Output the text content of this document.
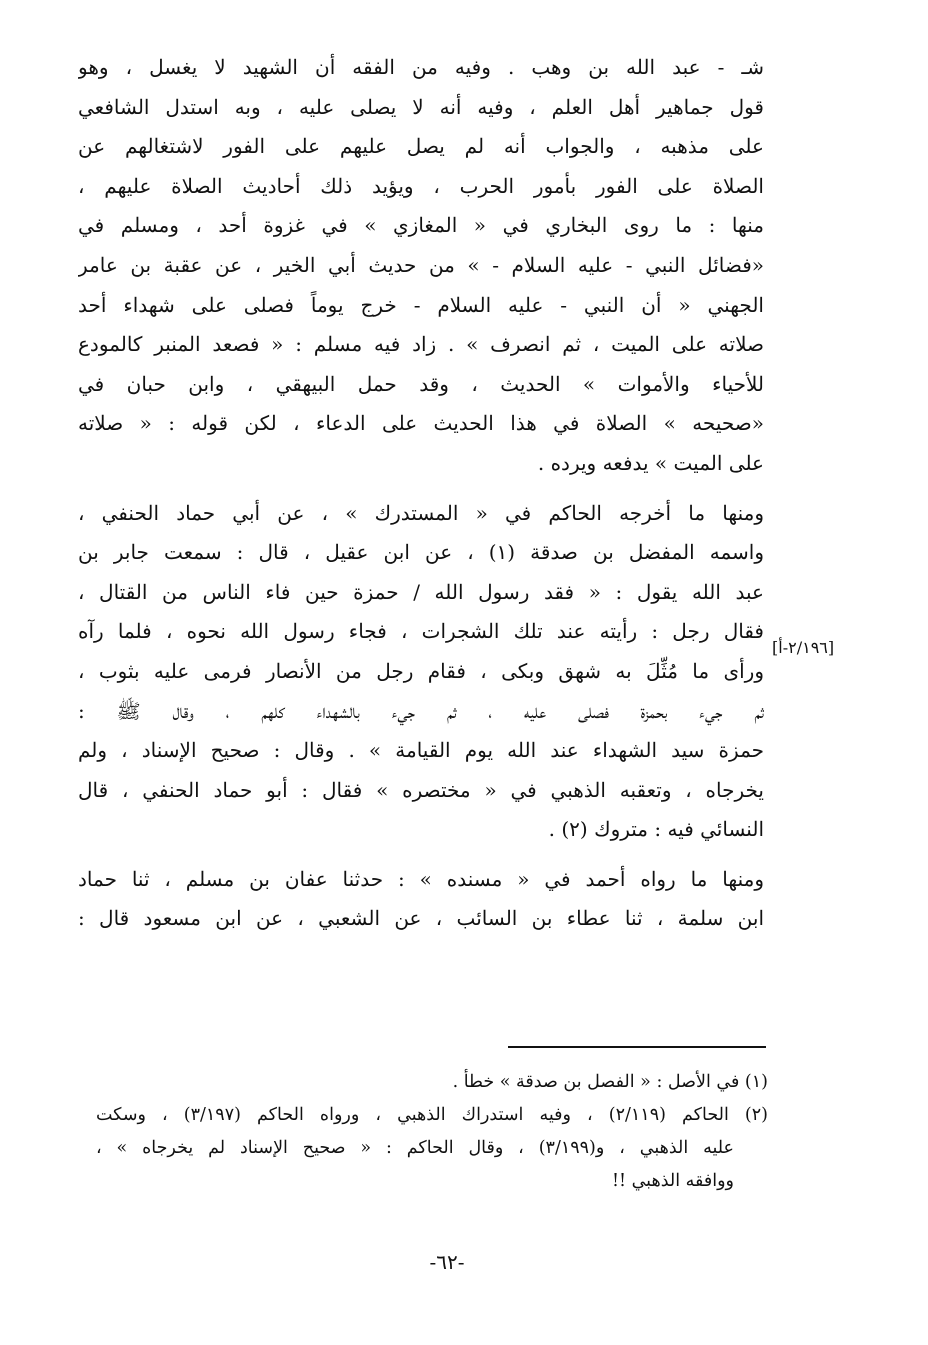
شـ - عبد الله بن وهب . وفيه من الفقه أن الشهيد لا يغسل ، وهو
قول جماهير أهل العلم ، وفيه أنه لا يصلى عليه ، وبه استدل الشافعي
على مذهبه ، والجواب أنه لم يصل عليهم على الفور لاشتغالهم عن
الصلاة على الفور بأمور الحرب ، ويؤيد ذلك أحاديث الصلاة عليهم ،
منها : ما روى البخاري في « المغازي » في غزوة أحد ، ومسلم في
«فضائل النبي - عليه السلام - » من حديث أبي الخير ، عن عقبة بن عامر
الجهني « أن النبي - عليه السلام - خرج يوماً فصلى على شهداء أحد
صلاته على الميت ، ثم انصرف » . زاد فيه مسلم : « فصعد المنبر كالمودع
للأحياء والأموات » الحديث ، وقد حمل البيهقي ، وابن حبان في
«صحيحه » الصلاة في هذا الحديث على الدعاء ، لكن قوله : « صلاته
على الميت » يدفعه ويرده .
ومنها ما أخرجه الحاكم في « المستدرك » ، عن أبي حماد الحنفي ،
واسمه المفضل بن صدقة (١) ، عن ابن عقيل ، قال : سمعت جابر بن
عبد الله يقول : « فقد رسول الله / حمزة حين فاء الناس من القتال ،
فقال رجل : رأيته عند تلك الشجرات ، فجاء رسول الله نحوه ، فلما رآه
ورأى ما مُثِّلَ به شهق وبكى ، فقام رجل من الأنصار فرمى عليه بثوب ،
ثم جيء بحمزة فصلى عليه ، ثم جيء بالشهداء كلهم ، وقال ﷺ :
حمزة سيد الشهداء عند الله يوم القيامة » . وقال : صحيح الإسناد ، ولم
يخرجاه ، وتعقبه الذهبي في « مختصره » فقال : أبو حماد الحنفي ، قال
النسائي فيه : متروك (٢) .
ومنها ما رواه أحمد في « مسنده » : حدثنا عفان بن مسلم ، ثنا حماد
ابن سلمة ، ثنا عطاء بن السائب ، عن الشعبي ، عن ابن مسعود قال :
[٢/١٩٦-أ]
(١) في الأصل : « الفصل بن صدقة » خطأ .
(٢) الحاكم (٢/١١٩) ، وفيه استدراك الذهبي ، ورواه الحاكم (٣/١٩٧) ، وسكت
عليه الذهبي ، و(٣/١٩٩) ، وقال الحاكم : « صحيح الإسناد لم يخرجاه » ،
ووافقه الذهبي !!
-٦٢-
